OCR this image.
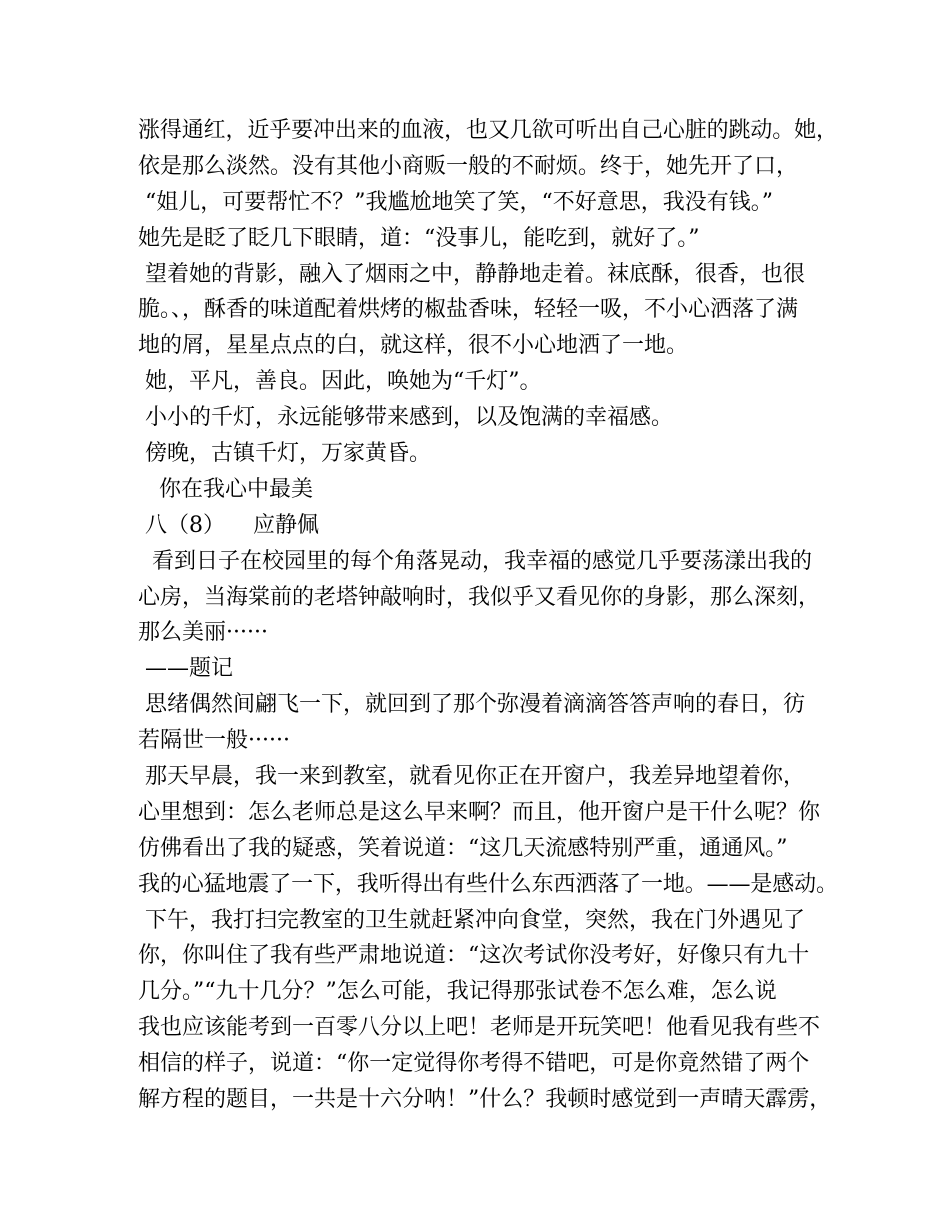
涨得通红，近乎要冲出来的血液，也又几欲可听出自己心脏的跳动。她，
依是那么淡然。没有其他小商贩一般的不耐烦。终于，她先开了口，
“姐儿，可要帮忙不？”我尴尬地笑了笑，“不好意思，我没有钱。”
她先是眨了眨几下眼睛，道：“没事儿，能吃到，就好了。”
望着她的背影，融入了烟雨之中，静静地走着。袜底酥，很香，也很
脆。、，酥香的味道配着烘烤的椒盐香味，轻轻一吸，不小心洒落了满
地的屑，星星点点的白，就这样，很不小心地洒了一地。
她，平凡，善良。因此，唤她为“千灯”。
小小的千灯，永远能够带来感到，以及饱满的幸福感。
傍晚，古镇千灯，万家黄昏。
你在我心中最美
八（8）    应静佩
看到日子在校园里的每个角落晃动，我幸福的感觉几乎要荡漾出我的
心房，当海棠前的老塔钟敲响时，我似乎又看见你的身影，那么深刻，
那么美丽······
——题记
思绪偶然间翩飞一下，就回到了那个弥漫着滴滴答答声响的春日，彷
若隔世一般······
那天早晨，我一来到教室，就看见你正在开窗户，我差异地望着你，
心里想到：怎么老师总是这么早来啊？而且，他开窗户是干什么呢？你
仿佛看出了我的疑惑，笑着说道：“这几天流感特别严重，通通风。”
我的心猛地震了一下，我听得出有些什么东西洒落了一地。——是感动。
下午，我打扫完教室的卫生就赶紧冲向食堂，突然，我在门外遇见了
你，你叫住了我有些严肃地说道：“这次考试你没考好，好像只有九十
几分。”“九十几分？”怎么可能，我记得那张试卷不怎么难，怎么说
我也应该能考到一百零八分以上吧！老师是开玩笑吧！他看见我有些不
相信的样子，说道：“你一定觉得你考得不错吧，可是你竟然错了两个
解方程的题目，一共是十六分呐！”什么？我顿时感觉到一声晴天霹雳，
